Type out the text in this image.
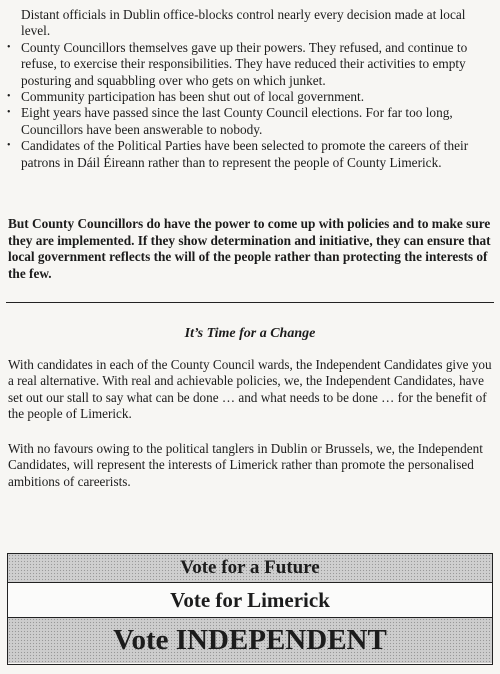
Distant officials in Dublin office-blocks control nearly every decision made at local level.
• County Councillors themselves gave up their powers. They refused, and continue to refuse, to exercise their responsibilities. They have reduced their activities to empty posturing and squabbling over who gets on which junket.
• Community participation has been shut out of local government.
• Eight years have passed since the last County Council elections. For far too long, Councillors have been answerable to nobody.
• Candidates of the Political Parties have been selected to promote the careers of their patrons in Dáil Éireann rather than to represent the people of County Limerick.
But County Councillors do have the power to come up with policies and to make sure they are implemented. If they show determination and initiative, they can ensure that local government reflects the will of the people rather than protecting the interests of the few.
It’s Time for a Change
With candidates in each of the County Council wards, the Independent Candidates give you a real alternative. With real and achievable policies, we, the Independent Candidates, have set out our stall to say what can be done … and what needs to be done … for the benefit of the people of Limerick.
With no favours owing to the political tanglers in Dublin or Brussels, we, the Independent Candidates, will represent the interests of Limerick rather than promote the personalised ambitions of careerists.
Vote for a Future
Vote for Limerick
Vote INDEPENDENT
